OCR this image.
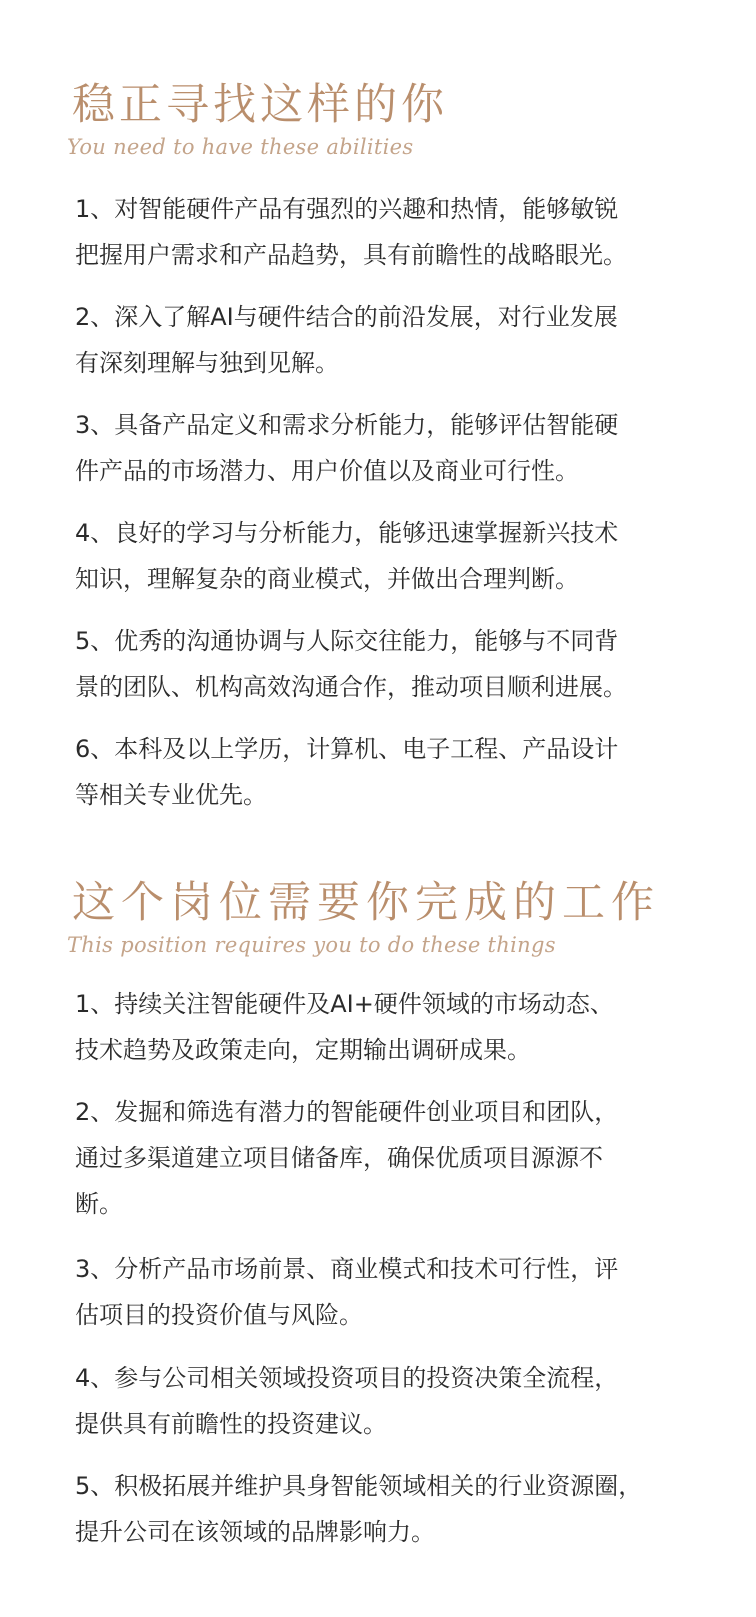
稳正寻找这样的你
You need to have these abilities
1、对智能硬件产品有强烈的兴趣和热情，能够敏锐
把握用户需求和产品趋势，具有前瞻性的战略眼光。
2、深入了解AI与硬件结合的前沿发展，对行业发展
有深刻理解与独到见解。
3、具备产品定义和需求分析能力，能够评估智能硬
件产品的市场潜力、用户价值以及商业可行性。
4、良好的学习与分析能力，能够迅速掌握新兴技术
知识，理解复杂的商业模式，并做出合理判断。
5、优秀的沟通协调与人际交往能力，能够与不同背
景的团队、机构高效沟通合作，推动项目顺利进展。
6、本科及以上学历，计算机、电子工程、产品设计
等相关专业优先。
这个岗位需要你完成的工作
This position requires you to do these things
1、持续关注智能硬件及AI+硬件领域的市场动态、
技术趋势及政策走向，定期输出调研成果。
2、发掘和筛选有潜力的智能硬件创业项目和团队，
通过多渠道建立项目储备库，确保优质项目源源不
断。
3、分析产品市场前景、商业模式和技术可行性，评
估项目的投资价值与风险。
4、参与公司相关领域投资项目的投资决策全流程，
提供具有前瞻性的投资建议。
5、积极拓展并维护具身智能领域相关的行业资源圈，
提升公司在该领域的品牌影响力。
